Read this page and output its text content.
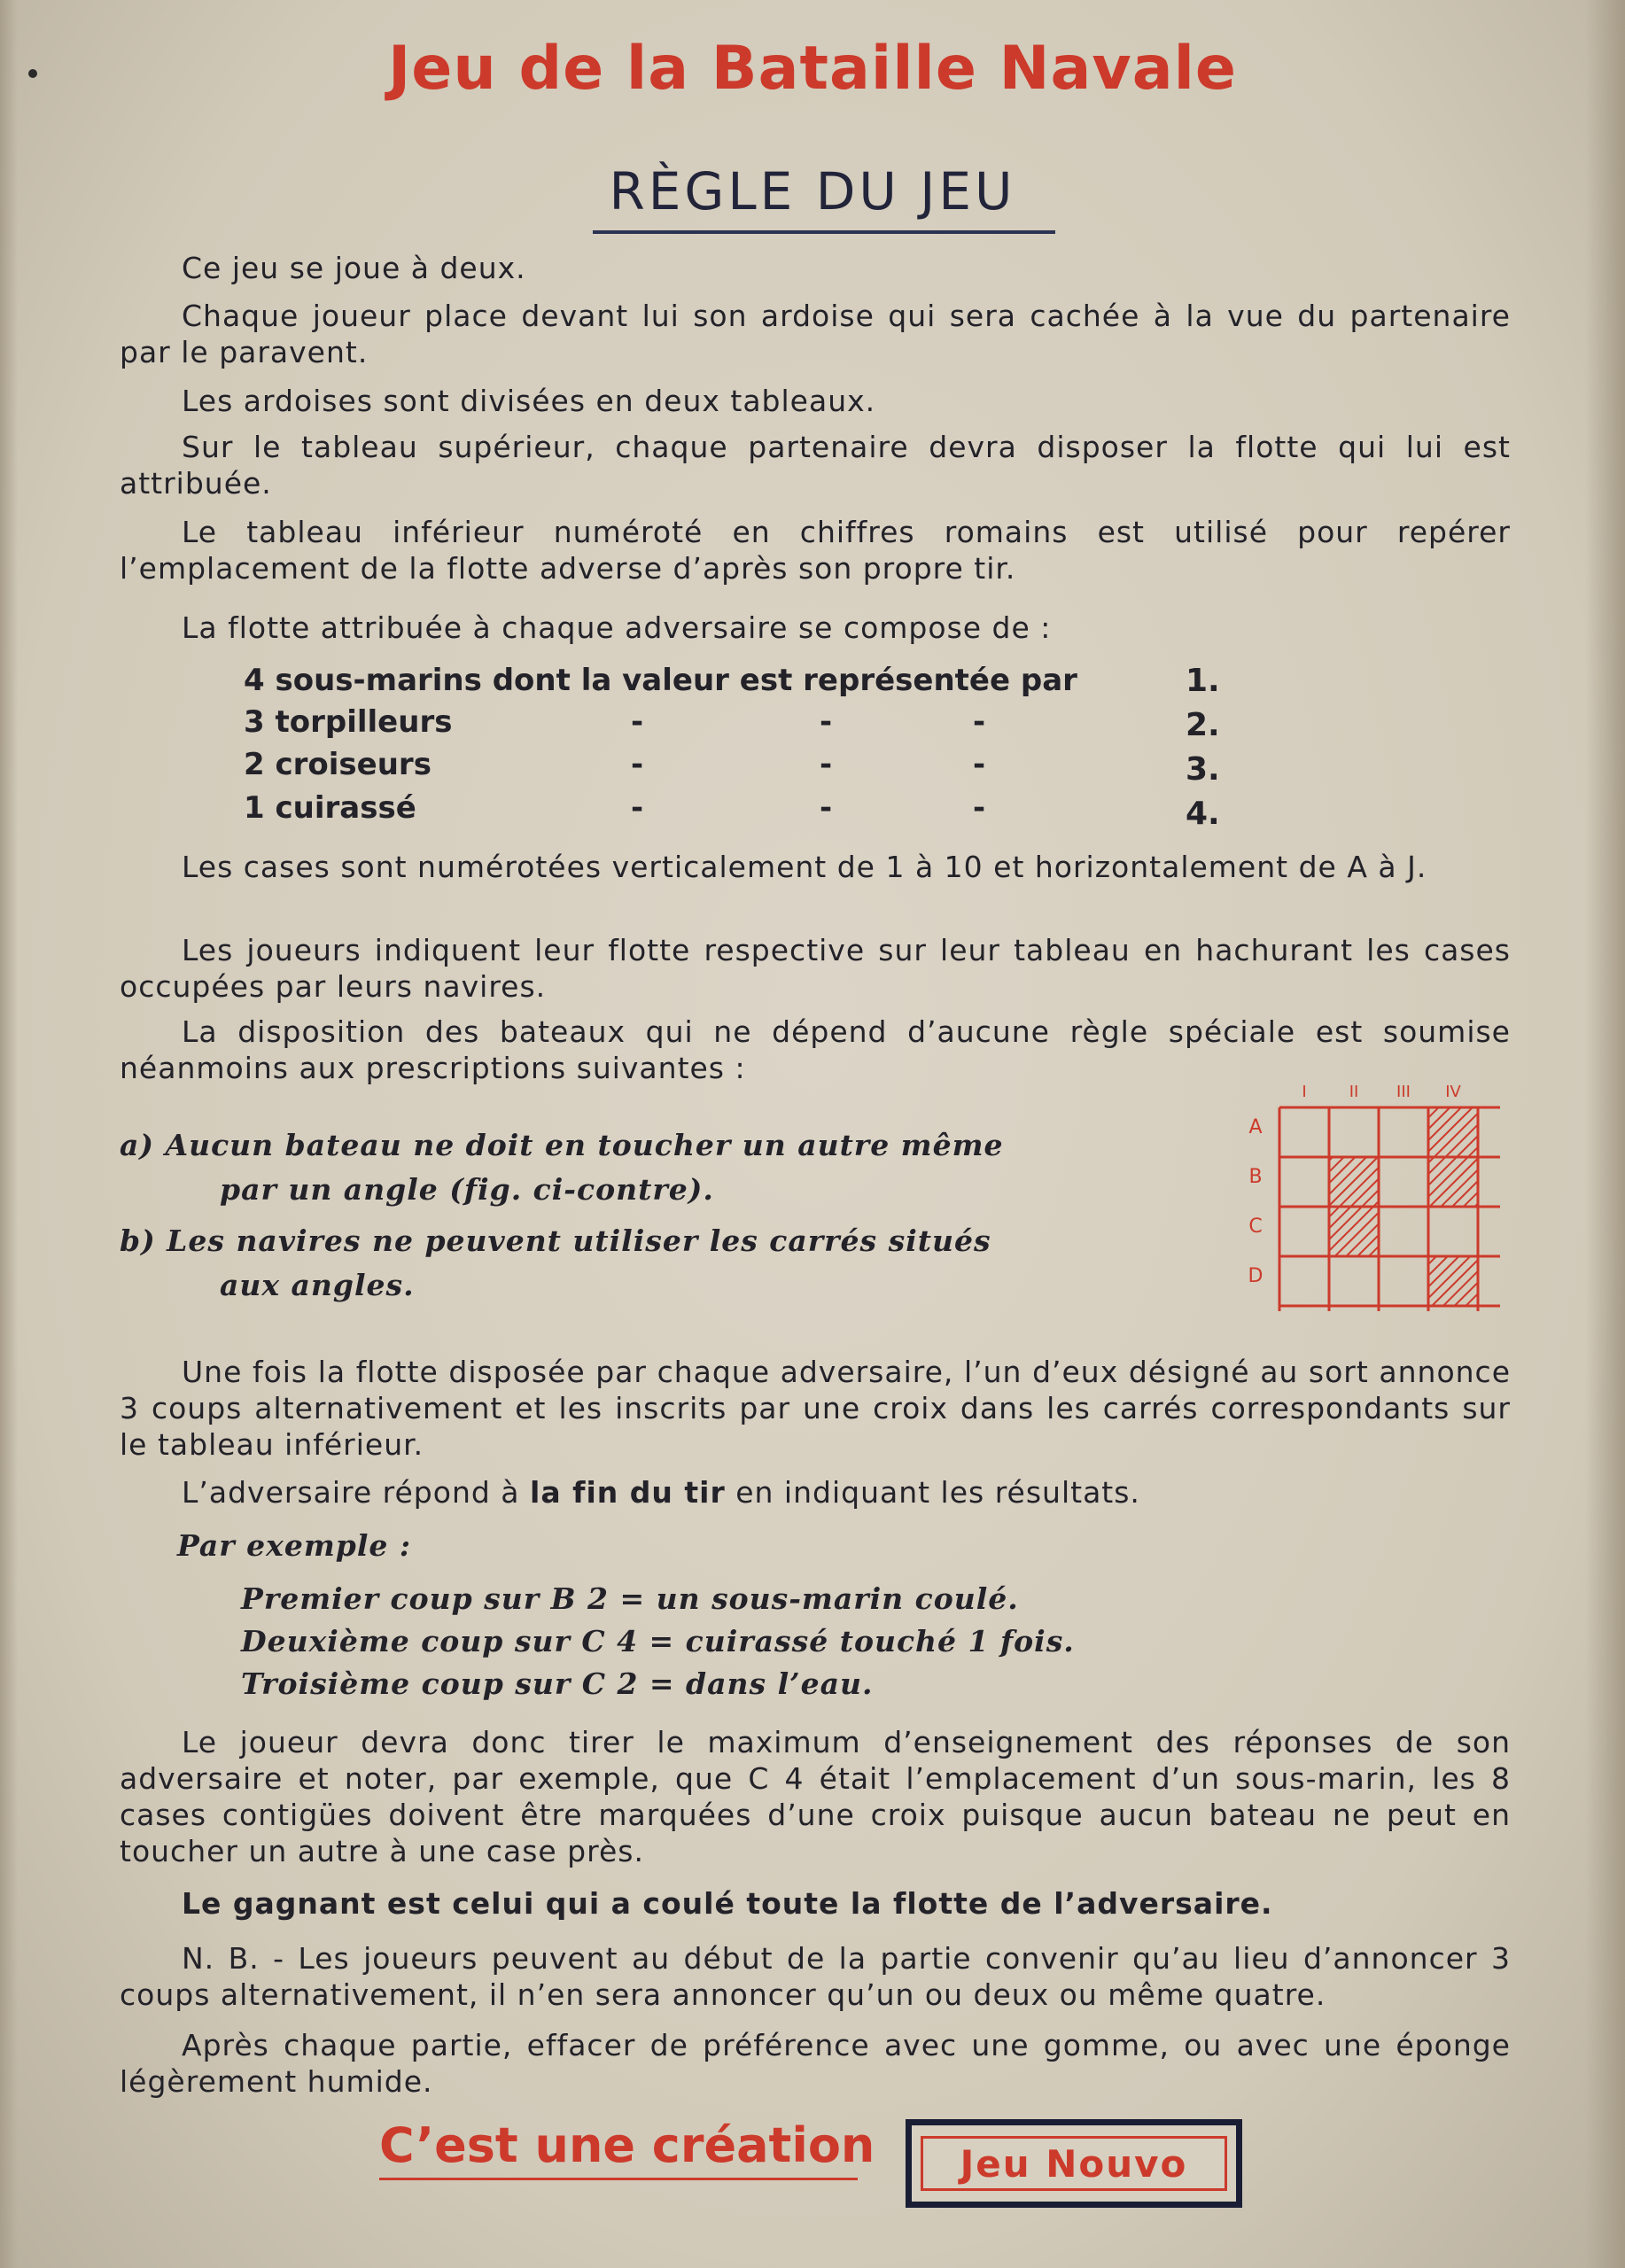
Jeu de la Bataille Navale
RÈGLE DU JEU
Ce jeu se joue à deux.
Chaque joueur place devant lui son ardoise qui sera cachée à la vue du partenaire par le paravent.
Les ardoises sont divisées en deux tableaux.
Sur le tableau supérieur, chaque partenaire devra disposer la flotte qui lui est attribuée.
Le tableau inférieur numéroté en chiffres romains est utilisé pour repérer l’emplacement de la flotte adverse d’après son propre tir.
La flotte attribuée à chaque adversaire se compose de :
4 sous-marins dont la valeur est représentée par	1.
3 torpilleurs	-	-	-	2.
2 croiseurs	-	-	-	3.
1 cuirassé	-	-	-	4.
Les cases sont numérotées verticalement de 1 à 10 et horizontalement de A à J.
Les joueurs indiquent leur flotte respective sur leur tableau en hachurant les cases occupées par leurs navires.
La disposition des bateaux qui ne dépend d’aucune règle spéciale est soumise néanmoins aux prescriptions suivantes :
a) Aucun bateau ne doit en toucher un autre même
par un angle (fig. ci-contre).
b) Les navires ne peuvent utiliser les carrés situés
aux angles.
I	II III IV
A
B
C
D
Une fois la flotte disposée par chaque adversaire, l’un d’eux désigné au sort annonce 3 coups alternativement et les inscrits par une croix dans les carrés correspondants sur le tableau inférieur.
L’adversaire répond à la fin du tir en indiquant les résultats.
Par exemple :
Premier coup sur B 2 = un sous-marin coulé.
Deuxième coup sur C 4 = cuirassé touché 1 fois.
Troisième coup sur C 2 = dans l’eau.
Le joueur devra donc tirer le maximum d’enseignement des réponses de son adversaire et noter, par exemple, que C 4 était l’emplacement d’un sous-marin, les 8 cases contigües doivent être marquées d’une croix puisque aucun bateau ne peut en toucher un autre à une case près.
Le gagnant est celui qui a coulé toute la flotte de l’adversaire.
N. B. - Les joueurs peuvent au début de la partie convenir qu’au lieu d’annoncer 3 coups alternativement, il n’en sera annoncer qu’un ou deux ou même quatre.
Après chaque partie, effacer de préférence avec une gomme, ou avec une éponge légèrement humide.
C’est une création	Jeu Nouvo
